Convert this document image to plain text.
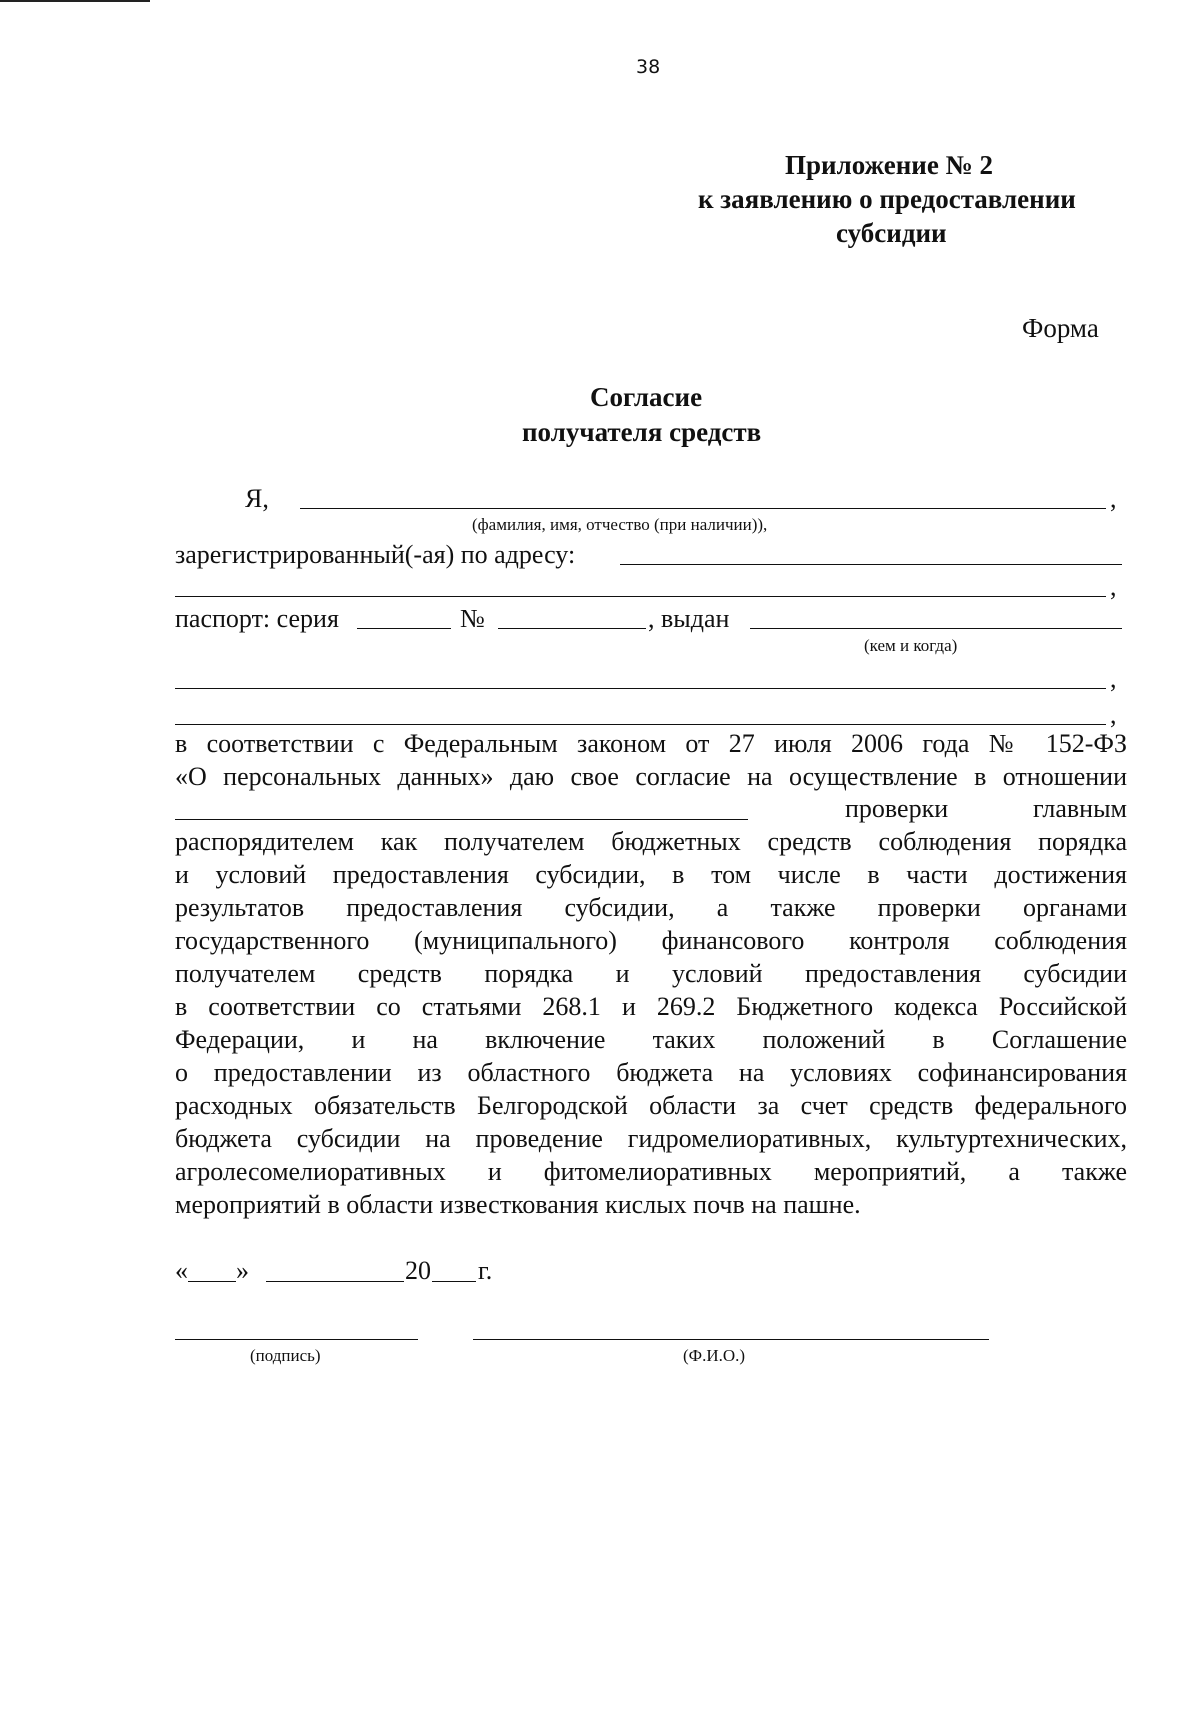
38
Приложение № 2
к заявлению о предоставлении
субсидии
Форма
Согласие
получателя средств
Я,	,
(фамилия, имя, отчество (при наличии)),
зарегистрированный(-ая) по адресу:
,
паспорт: серия	№	, выдан
(кем и когда)
,
,
в соответствии с Федеральным законом от 27 июля 2006 года № 152-ФЗ
«О персональных данных» даю свое согласие на осуществление в отношении
проверки главным
распорядителем как получателем бюджетных средств соблюдения порядка
и условий предоставления субсидии, в том числе в части достижения
результатов предоставления субсидии, а также проверки органами
государственного (муниципального) финансового контроля соблюдения
получателем средств порядка и условий предоставления субсидии
в соответствии со статьями 268.1 и 269.2 Бюджетного кодекса Российской
Федерации, и на включение таких положений в Соглашение
о предоставлении из областного бюджета на условиях софинансирования
расходных обязательств Белгородской области за счет средств федерального
бюджета субсидии на проведение гидромелиоративных, культуртехнических,
агролесомелиоративных и фитомелиоративных мероприятий, а также
мероприятий в области известкования кислых почв на пашне.
« »	20 г.
(подпись)	(Ф.И.О.)
